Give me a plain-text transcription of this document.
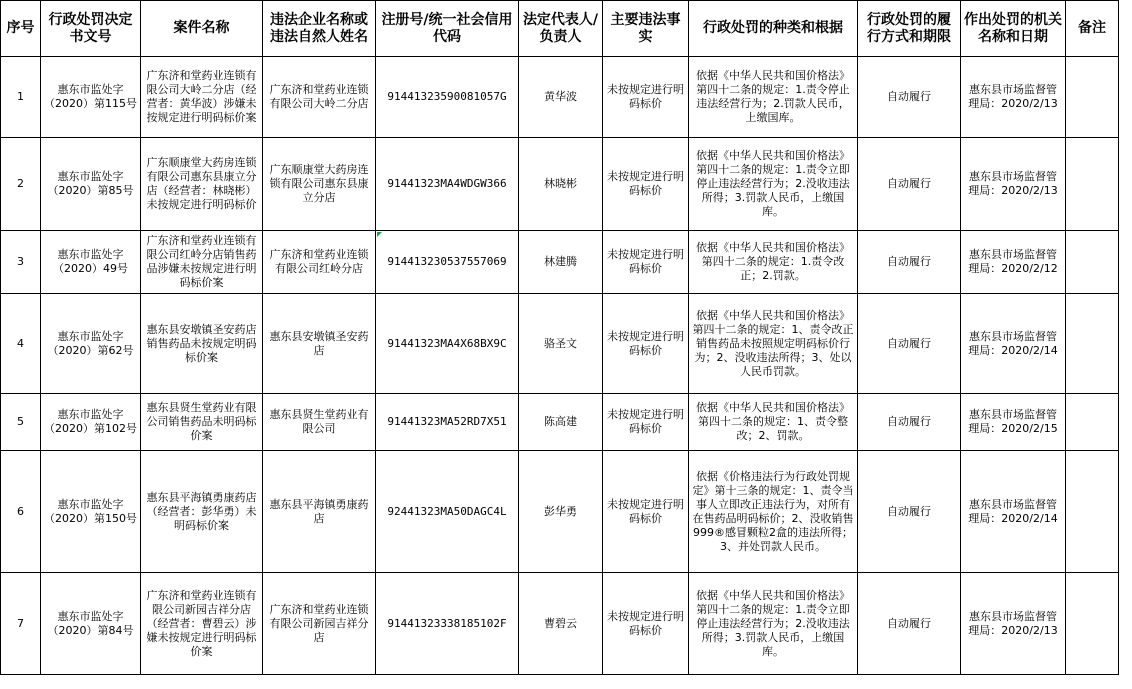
序号	行政处罚决定书文号	案件名称	违法企业名称或违法自然人姓名	注册号/统一社会信用代码	法定代表人/负责人	主要违法事实	行政处罚的种类和根据	行政处罚的履行方式和期限	作出处罚的机关名称和日期	备注
1	惠东市监处字（2020）第115号	广东济和堂药业连锁有限公司大岭二分店（经营者：黄华波）涉嫌未按规定进行明码标价案	广东济和堂药业连锁有限公司大岭二分店	91441323590081057G	黄华波	未按规定进行明码标价	依据《中华人民共和国价格法》第四十二条的规定：1.责令停止违法经营行为；2.罚款人民币，上缴国库。	自动履行	惠东县市场监督管理局：2020/2/13	
2	惠东市监处字（2020）第85号	广东顺康堂大药房连锁有限公司惠东县康立分店（经营者：林晓彬）未按规定进行明码标价	广东顺康堂大药房连锁有限公司惠东县康立分店	91441323MA4WDGW366	林晓彬	未按规定进行明码标价	依据《中华人民共和国价格法》第四十二条的规定：1.责令立即停止违法经营行为；2.没收违法所得；3.罚款人民币，上缴国库。	自动履行	惠东县市场监督管理局：2020/2/13	
3	惠东市监处字（2020）49号	广东济和堂药业连锁有限公司红岭分店销售药品涉嫌未按规定进行明码标价案	广东济和堂药业连锁有限公司红岭分店	914413230537557069	林建腾	未按规定进行明码标价	依据《中华人民共和国价格法》第四十二条的规定：1.责令改正；2.罚款。	自动履行	惠东县市场监督管理局：2020/2/12	
4	惠东市监处字（2020）第62号	惠东县安墩镇圣安药店销售药品未按规定明码标价案	惠东县安墩镇圣安药店	91441323MA4X68BX9C	骆圣文	未按规定进行明码标价	依据《中华人民共和国价格法》第四十二条的规定：1、责令改正销售药品未按照规定明码标价行为；2、没收违法所得；3、处以人民币罚款。	自动履行	惠东县市场监督管理局：2020/2/14	
5	惠东市监处字（2020）第102号	惠东县贤生堂药业有限公司销售药品未明码标价案	惠东县贤生堂药业有限公司	91441323MA52RD7X51	陈高建	未按规定进行明码标价	依据《中华人民共和国价格法》第四十二条的规定：1、责令整改；2、罚款。	自动履行	惠东县市场监督管理局：2020/2/15	
6	惠东市监处字（2020）第150号	惠东县平海镇勇康药店（经营者：彭华勇）未明码标价案	惠东县平海镇勇康药店	92441323MA50DAGC4L	彭华勇	未按规定进行明码标价	依据《价格违法行为行政处罚规定》第十三条的规定：1、责令当事人立即改正违法行为，对所有在售药品明码标价；2、没收销售999®感冒颗粒2盒的违法所得；3、并处罚款人民币。	自动履行	惠东县市场监督管理局：2020/2/14	
7	惠东市监处字（2020）第84号	广东济和堂药业连锁有限公司新园吉祥分店（经营者：曹碧云）涉嫌未按规定进行明码标价案	广东济和堂药业连锁有限公司新园吉祥分店	91441323338185102F	曹碧云	未按规定进行明码标价	依据《中华人民共和国价格法》第四十二条的规定：1.责令立即停止违法经营行为；2.没收违法所得；3.罚款人民币，上缴国库。	自动履行	惠东县市场监督管理局：2020/2/13	
